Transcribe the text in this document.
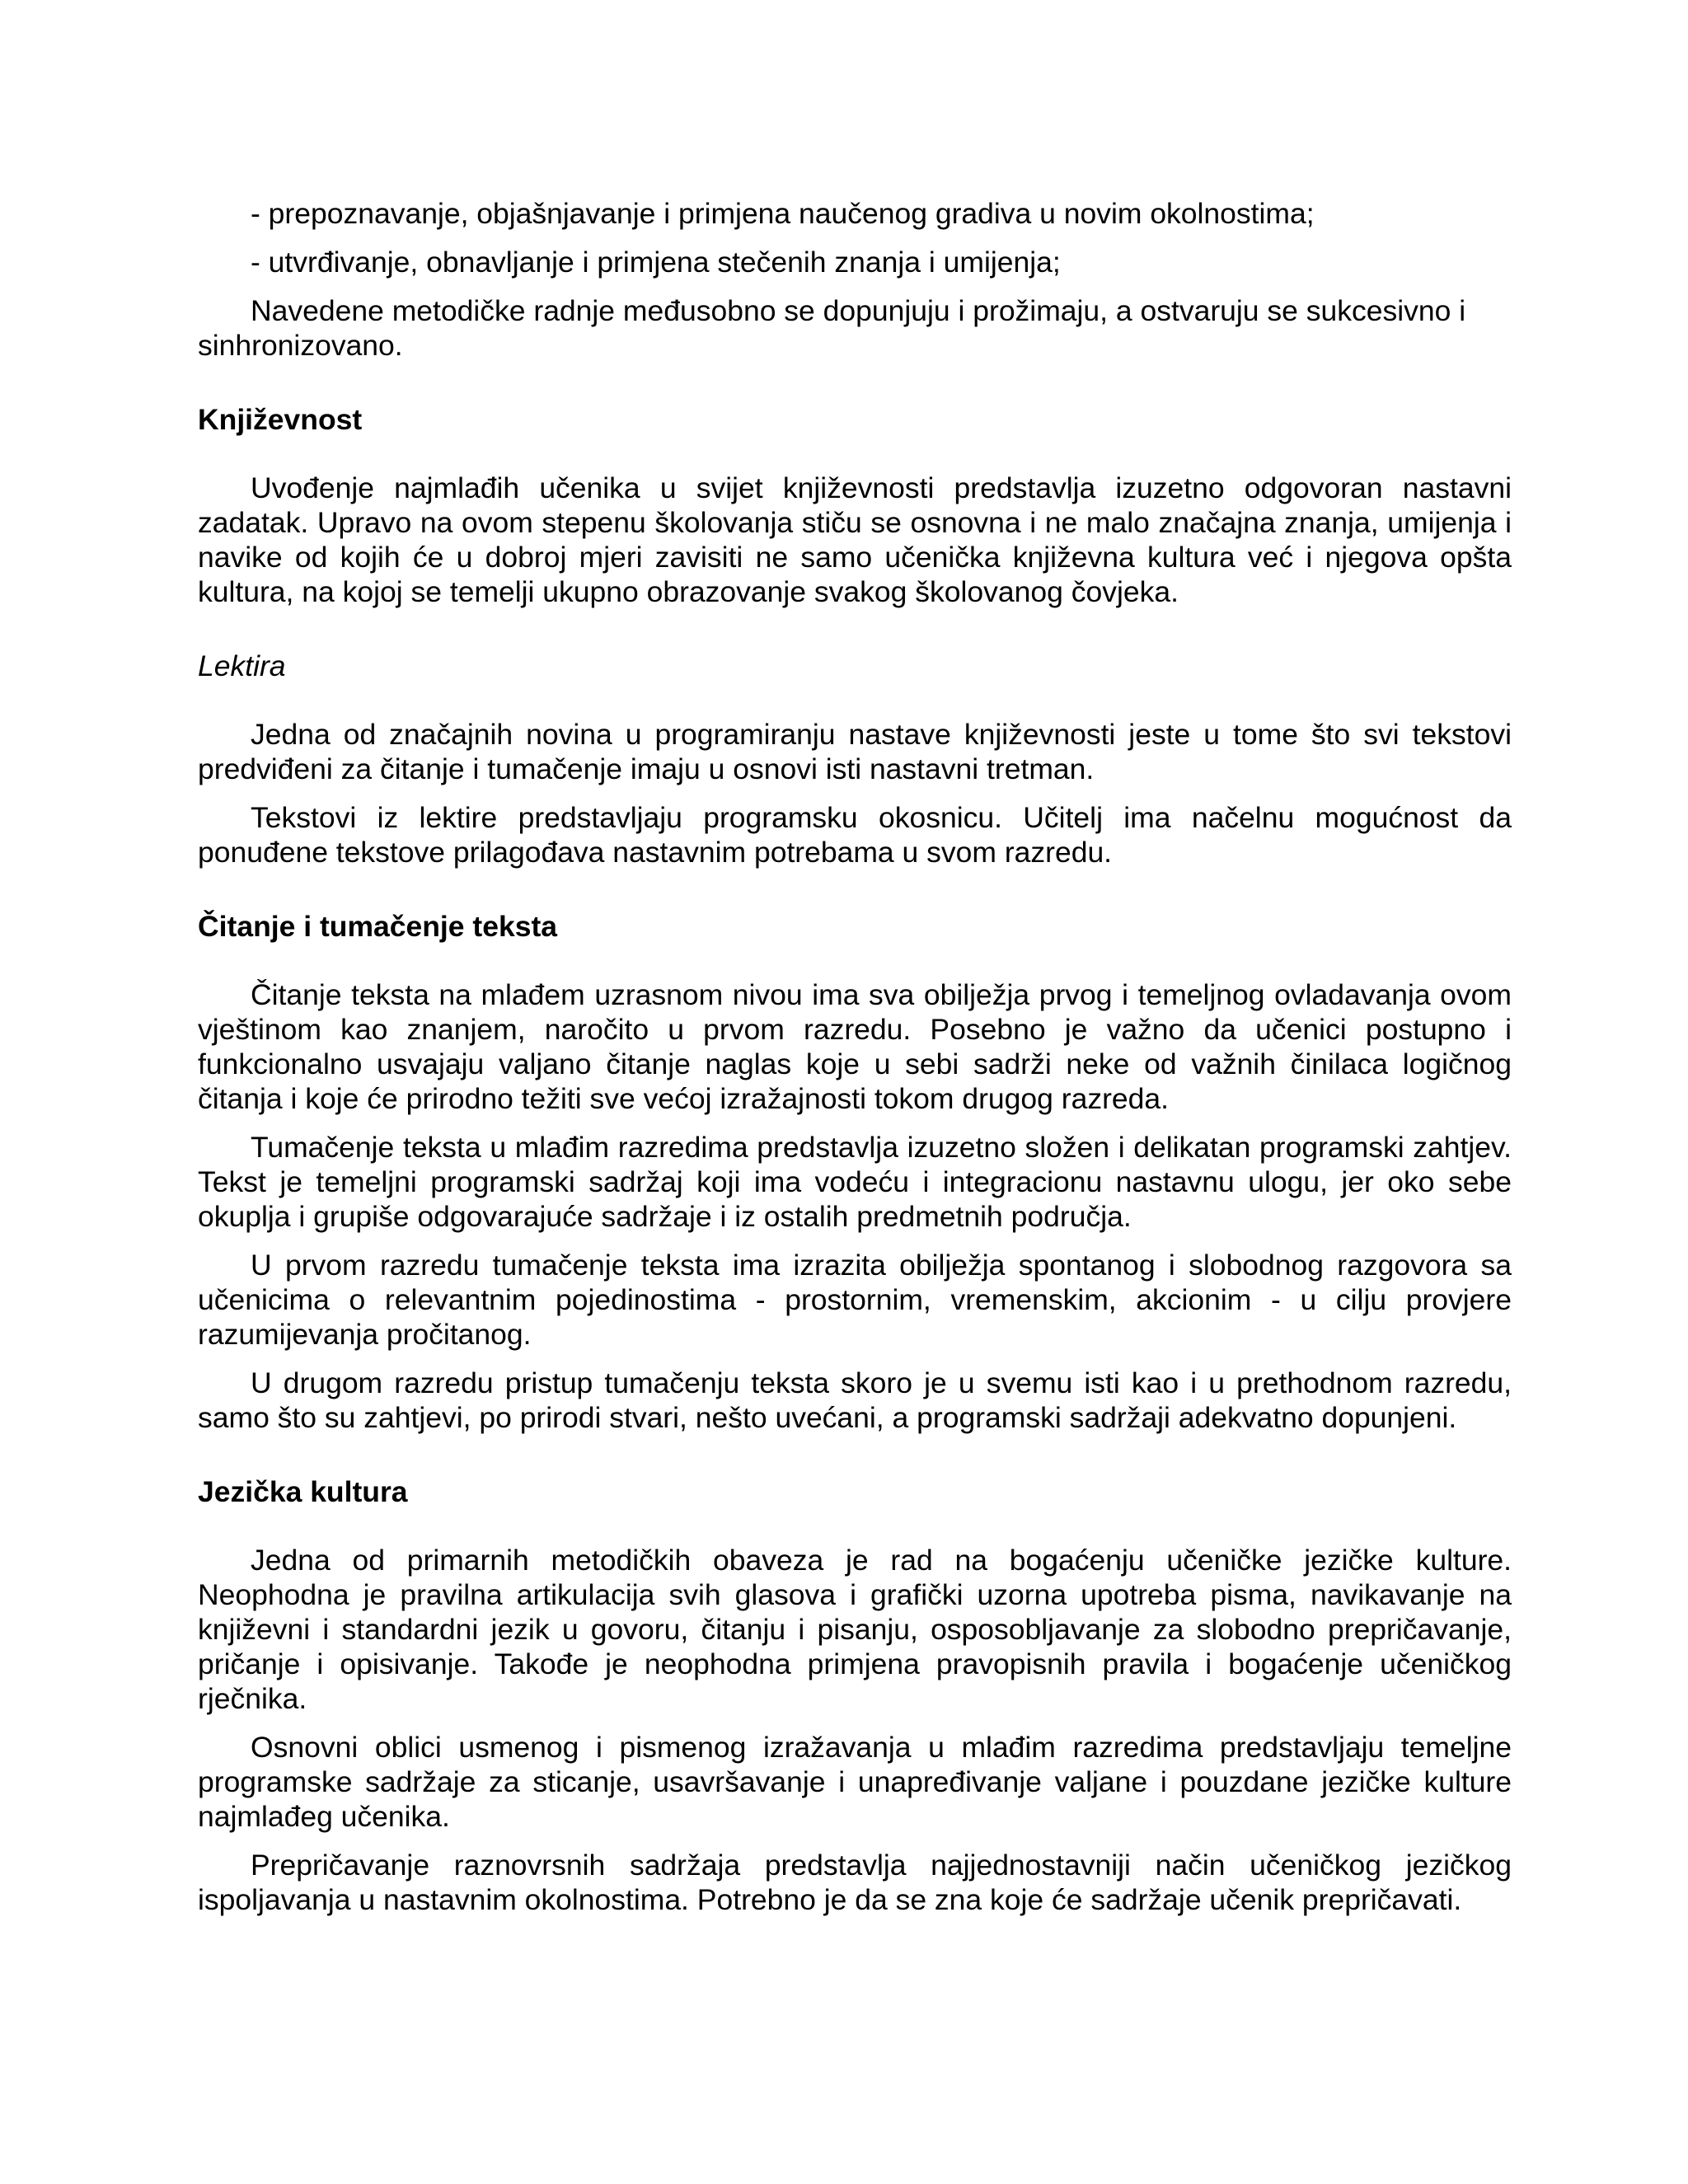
- prepoznavanje, objašnjavanje i primjena naučenog gradiva u novim okolnostima;

- utvrđivanje, obnavljanje i primjena stečenih znanja i umijenja;

Navedene metodičke radnje međusobno se dopunjuju i prožimaju, a ostvaruju se sukcesivno i sinhronizovano.

Književnost

Uvođenje najmlađih učenika u svijet književnosti predstavlja izuzetno odgovoran nastavni zadatak. Upravo na ovom stepenu školovanja stiču se osnovna i ne malo značajna znanja, umijenja i navike od kojih će u dobroj mjeri zavisiti ne samo učenička književna kultura već i njegova opšta kultura, na kojoj se temelji ukupno obrazovanje svakog školovanog čovjeka.

Lektira

Jedna od značajnih novina u programiranju nastave književnosti jeste u tome što svi tekstovi predviđeni za čitanje i tumačenje imaju u osnovi isti nastavni tretman.

Tekstovi iz lektire predstavljaju programsku okosnicu. Učitelj ima načelnu mogućnost da ponuđene tekstove prilagođava nastavnim potrebama u svom razredu.

Čitanje i tumačenje teksta

Čitanje teksta na mlađem uzrasnom nivou ima sva obilježja prvog i temeljnog ovladavanja ovom vještinom kao znanjem, naročito u prvom razredu. Posebno je važno da učenici postupno i funkcionalno usvajaju valjano čitanje naglas koje u sebi sadrži neke od važnih činilaca logičnog čitanja i koje će prirodno težiti sve većoj izražajnosti tokom drugog razreda.

Tumačenje teksta u mlađim razredima predstavlja izuzetno složen i delikatan programski zahtjev. Tekst je temeljni programski sadržaj koji ima vodeću i integracionu nastavnu ulogu, jer oko sebe okuplja i grupiše odgovarajuće sadržaje i iz ostalih predmetnih područja.

U prvom razredu tumačenje teksta ima izrazita obilježja spontanog i slobodnog razgovora sa učenicima o relevantnim pojedinostima - prostornim, vremenskim, akcionim - u cilju provjere razumijevanja pročitanog.

U drugom razredu pristup tumačenju teksta skoro je u svemu isti kao i u prethodnom razredu, samo što su zahtjevi, po prirodi stvari, nešto uvećani, a programski sadržaji adekvatno dopunjeni.

Jezička kultura

Jedna od primarnih metodičkih obaveza je rad na bogaćenju učeničke jezičke kulture. Neophodna je pravilna artikulacija svih glasova i grafički uzorna upotreba pisma, navikavanje na književni i standardni jezik u govoru, čitanju i pisanju, osposobljavanje za slobodno prepričavanje, pričanje i opisivanje. Takođe je neophodna primjena pravopisnih pravila i bogaćenje učeničkog rječnika.

Osnovni oblici usmenog i pismenog izražavanja u mlađim razredima predstavljaju temeljne programske sadržaje za sticanje, usavršavanje i unapređivanje valjane i pouzdane jezičke kulture najmlađeg učenika.

Prepričavanje raznovrsnih sadržaja predstavlja najjednostavniji način učeničkog jezičkog ispoljavanja u nastavnim okolnostima. Potrebno je da se zna koje će sadržaje učenik prepričavati.
